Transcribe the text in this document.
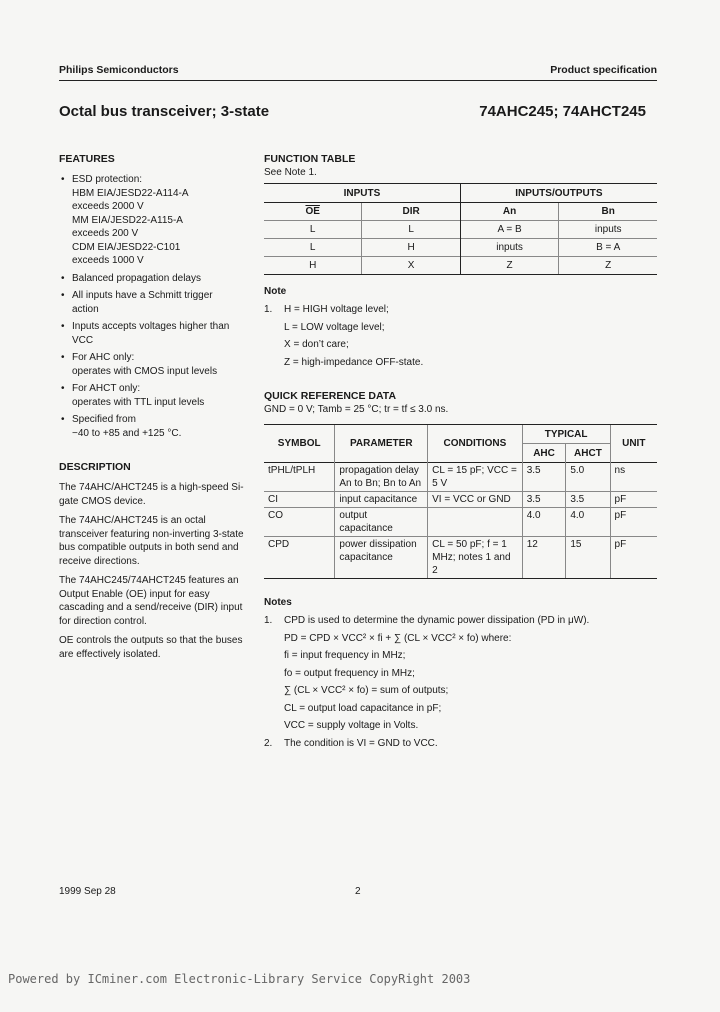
Philips Semiconductors	Product specification
Octal bus transceiver; 3-state	74AHC245; 74AHCT245
FEATURES
• ESD protection:
HBM EIA/JESD22-A114-A
exceeds 2000 V
MM EIA/JESD22-A115-A
exceeds 200 V
CDM EIA/JESD22-C101
exceeds 1000 V
• Balanced propagation delays
• All inputs have a Schmitt trigger
action
• Inputs accepts voltages higher than
VCC
• For AHC only:
operates with CMOS input levels
• For AHCT only:
operates with TTL input levels
• Specified from
−40 to +85 and +125 °C.
DESCRIPTION

The 74AHC/AHCT245 is a high-speed Si-gate CMOS device.

The 74AHC/AHCT245 is an octal transceiver featuring non-inverting 3-state bus compatible outputs in both send and receive directions.

The 74AHC245/74AHCT245 features an Output Enable (OE) input for easy cascading and a send/receive (DIR) input for direction control.

OE controls the outputs so that the buses are effectively isolated.

FUNCTION TABLE
See Note 1.
INPUTS		INPUTS/OUTPUTS	
$\overline{OE}$	DIR	An	Bn
L	L	A = B	inputs
L	H	inputs	B = A
H	X	Z	Z
Note
1. H = HIGH voltage level;
L = LOW voltage level;
X = don’t care;
Z = high-impedance OFF-state.
QUICK REFERENCE DATA
GND = 0 V; Tamb = 25 °C; tr = tf ≤ 3.0 ns.
SYMBOL	PARAMETER	CONDITIONS	TYPICAL		UNIT
			AHC	AHCT	
tPHL/tPLH	propagation delay An to Bn; Bn to An	CL = 15 pF; VCC = 5 V	3.5	5.0	ns
CI	input capacitance	VI = VCC or GND	3.5	3.5	pF
CO	output capacitance		4.0	4.0	pF
CPD	power dissipation capacitance	CL = 50 pF; f = 1 MHz; notes 1 and 2	12	15	pF
Notes
1. CPD is used to determine the dynamic power dissipation (PD in μW).
PD = CPD × VCC² × fi + ∑ (CL × VCC² × fo) where:
fi = input frequency in MHz;
fo = output frequency in MHz;
∑ (CL × VCC² × fo) = sum of outputs;
CL = output load capacitance in pF;
VCC = supply voltage in Volts.
2. The condition is VI = GND to VCC.
1999 Sep 28	2
Powered by ICminer.com Electronic-Library Service CopyRight 2003
